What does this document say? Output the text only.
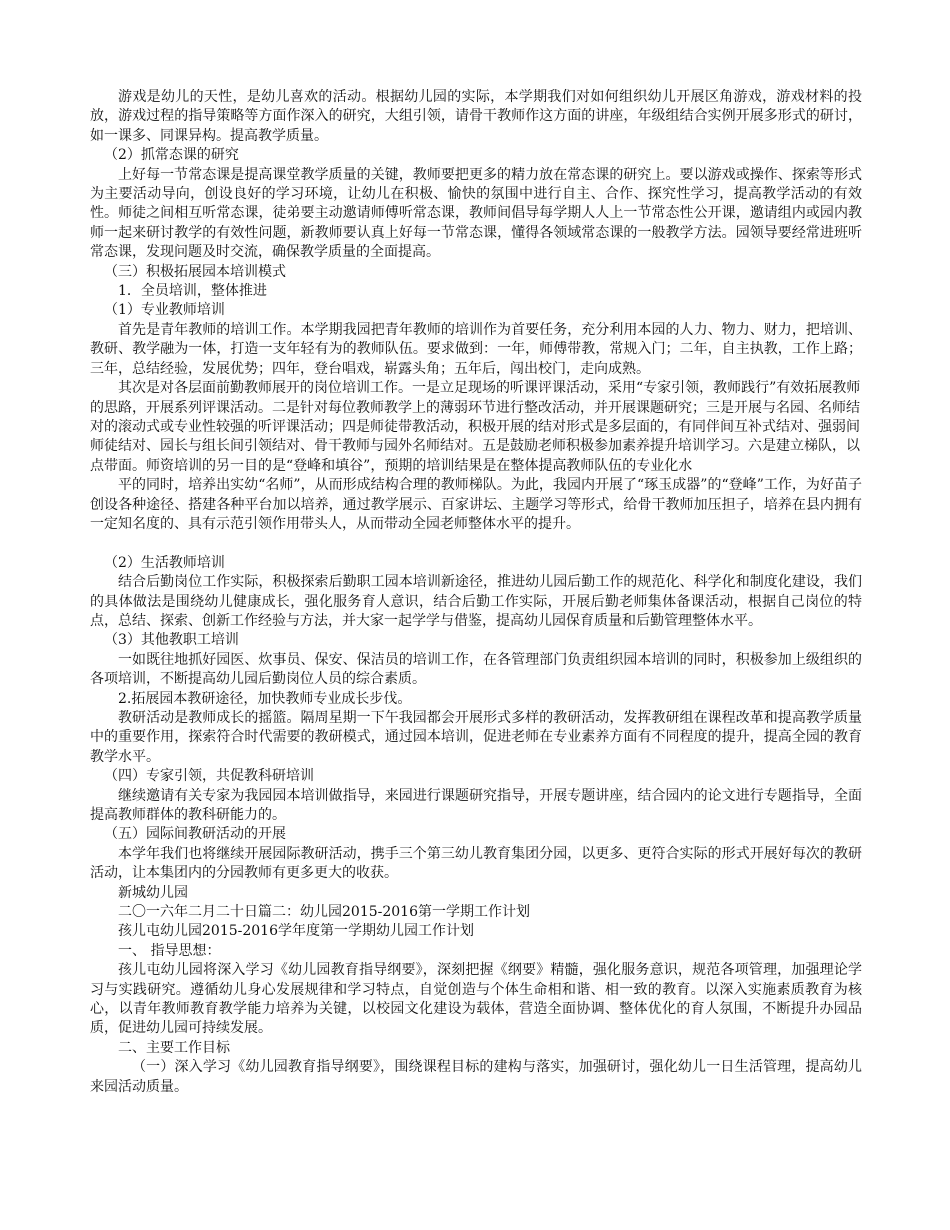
游戏是幼儿的天性，是幼儿喜欢的活动。根据幼儿园的实际，本学期我们对如何组织幼儿开展区角游戏，游戏材料的投放，游戏过程的指导策略等方面作深入的研究，大组引领，请骨干教师作这方面的讲座，年级组结合实例开展多形式的研讨，如一课多、同课异构。提高教学质量。

（2）抓常态课的研究

上好每一节常态课是提高课堂教学质量的关键，教师要把更多的精力放在常态课的研究上。要以游戏或操作、探索等形式为主要活动导向，创设良好的学习环境，让幼儿在积极、愉快的氛围中进行自主、合作、探究性学习，提高教学活动的有效性。师徒之间相互听常态课，徒弟要主动邀请师傅听常态课，教师间倡导每学期人人上一节常态性公开课，邀请组内或园内教师一起来研讨教学的有效性问题，新教师要认真上好每一节常态课，懂得各领域常态课的一般教学方法。园领导要经常进班听常态课，发现问题及时交流，确保教学质量的全面提高。

（三）积极拓展园本培训模式

1．全员培训，整体推进

（1）专业教师培训

首先是青年教师的培训工作。本学期我园把青年教师的培训作为首要任务，充分利用本园的人力、物力、财力，把培训、教研、教学融为一体，打造一支年轻有为的教师队伍。要求做到：一年，师傅带教，常规入门；二年，自主执教，工作上路；三年，总结经验，发展优势；四年，登台唱戏，崭露头角；五年后，闯出校门，走向成熟。

其次是对各层面前勤教师展开的岗位培训工作。一是立足现场的听课评课活动，采用“专家引领，教师践行”有效拓展教师的思路，开展系列评课活动。二是针对每位教师教学上的薄弱环节进行整改活动，并开展课题研究；三是开展与名园、名师结对的滚动式或专业性较强的听评课活动；四是师徒带教活动，积极开展的结对形式是多层面的，有同伴间互补式结对、强弱间师徒结对、园长与组长间引领结对、骨干教师与园外名师结对。五是鼓励老师积极参加素养提升培训学习。六是建立梯队，以点带面。师资培训的另一目的是“登峰和填谷”，预期的培训结果是在整体提高教师队伍的专业化水

平的同时，培养出实幼“名师”，从而形成结构合理的教师梯队。为此，我园内开展了“琢玉成器”的“登峰”工作，为好苗子创设各种途径、搭建各种平台加以培养，通过教学展示、百家讲坛、主题学习等形式，给骨干教师加压担子，培养在县内拥有一定知名度的、具有示范引领作用带头人，从而带动全园老师整体水平的提升。

（2）生活教师培训

结合后勤岗位工作实际，积极探索后勤职工园本培训新途径，推进幼儿园后勤工作的规范化、科学化和制度化建设，我们的具体做法是围绕幼儿健康成长，强化服务育人意识，结合后勤工作实际，开展后勤老师集体备课活动，根据自己岗位的特点，总结、探索、创新工作经验与方法，并大家一起学学与借鉴，提高幼儿园保育质量和后勤管理整体水平。

（3）其他教职工培训

一如既往地抓好园医、炊事员、保安、保洁员的培训工作，在各管理部门负责组织园本培训的同时，积极参加上级组织的各项培训，不断提高幼儿园后勤岗位人员的综合素质。

2.拓展园本教研途径，加快教师专业成长步伐。

教研活动是教师成长的摇篮。隔周星期一下午我园都会开展形式多样的教研活动，发挥教研组在课程改革和提高教学质量中的重要作用，探索符合时代需要的教研模式，通过园本培训，促进老师在专业素养方面有不同程度的提升，提高全园的教育教学水平。

（四）专家引领，共促教科研培训

继续邀请有关专家为我园园本培训做指导，来园进行课题研究指导，开展专题讲座，结合园内的论文进行专题指导，全面提高教师群体的教科研能力的。

（五）园际间教研活动的开展

本学年我们也将继续开展园际教研活动，携手三个第三幼儿教育集团分园，以更多、更符合实际的形式开展好每次的教研活动，让本集团内的分园教师有更多更大的收获。

新城幼儿园

二〇一六年二月二十日篇二：幼儿园2015-2016第一学期工作计划

孩儿屯幼儿园2015-2016学年度第一学期幼儿园工作计划

一、 指导思想：

孩儿屯幼儿园将深入学习《幼儿园教育指导纲要》，深刻把握《纲要》精髓，强化服务意识，规范各项管理，加强理论学习与实践研究。遵循幼儿身心发展规律和学习特点，自觉创造与个体生命相和谐、相一致的教育。以深入实施素质教育为核心，以青年教师教育教学能力培养为关键，以校园文化建设为载体，营造全面协调、整体优化的育人氛围，不断提升办园品质，促进幼儿园可持续发展。

二、主要工作目标

（一）深入学习《幼儿园教育指导纲要》，围绕课程目标的建构与落实，加强研讨，强化幼儿一日生活管理，提高幼儿来园活动质量。
